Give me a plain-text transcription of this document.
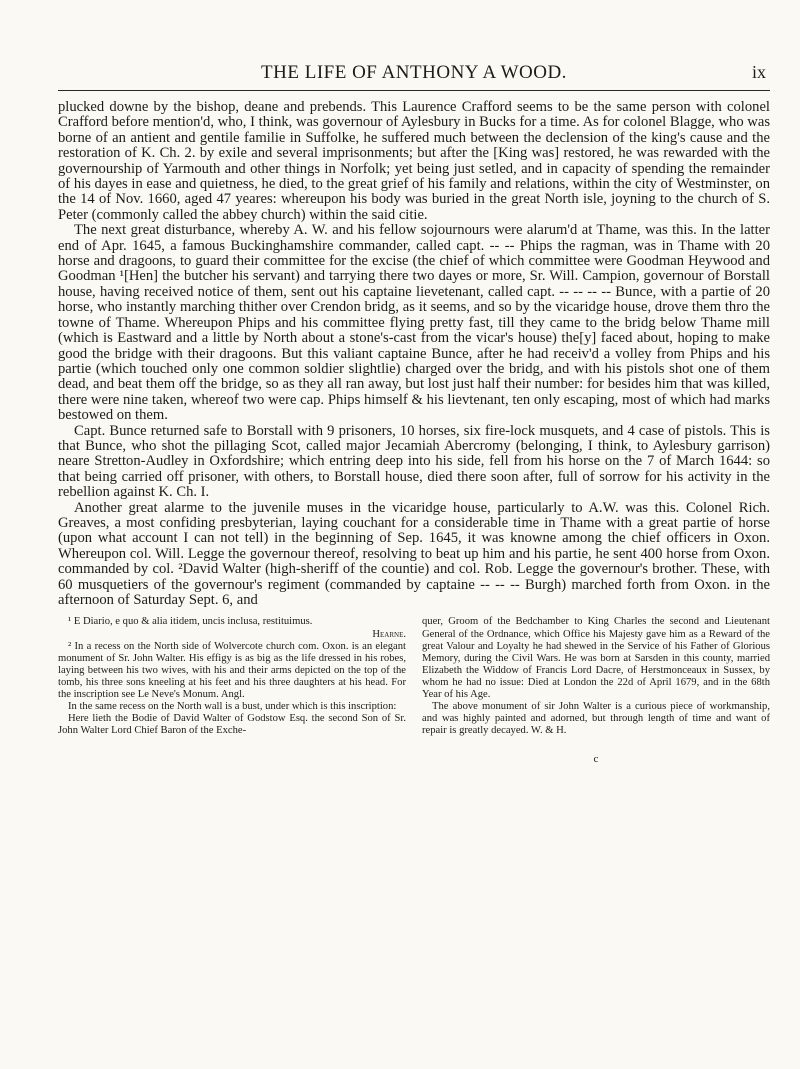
THE LIFE OF ANTHONY A WOOD.	ix

plucked downe by the bishop, deane and prebends. This Laurence Crafford seems to be the same person with colonel Crafford before mention'd, who, I think, was governour of Aylesbury in Bucks for a time. As for colonel Blagge, who was borne of an antient and gentile familie in Suffolke, he suffered much between the declension of the king's cause and the restoration of K. Ch. 2. by exile and several imprisonments; but after the [King was] restored, he was rewarded with the governourship of Yarmouth and other things in Norfolk; yet being just setled, and in capacity of spending the remainder of his dayes in ease and quietness, he died, to the great grief of his family and relations, within the city of Westminster, on the 14 of Nov. 1660, aged 47 yeares: whereupon his body was buried in the great North isle, joyning to the church of S. Peter (commonly called the abbey church) within the said citie.

The next great disturbance, whereby A. W. and his fellow sojournours were alarum'd at Thame, was this. In the latter end of Apr. 1645, a famous Buckinghamshire commander, called capt. -- -- Phips the ragman, was in Thame with 20 horse and dragoons, to guard their committee for the excise (the chief of which committee were Goodman Heywood and Goodman ¹[Hen] the butcher his servant) and tarrying there two dayes or more, Sr. Will. Campion, governour of Borstall house, having received notice of them, sent out his captaine lievetenant, called capt. -- -- -- -- Bunce, with a partie of 20 horse, who instantly marching thither over Crendon bridg, as it seems, and so by the vicaridge house, drove them thro the towne of Thame. Whereupon Phips and his committee flying pretty fast, till they came to the bridg below Thame mill (which is Eastward and a little by North about a stone's-cast from the vicar's house) the[y] faced about, hoping to make good the bridge with their dragoons. But this valiant captaine Bunce, after he had receiv'd a volley from Phips and his partie (which touched only one common soldier slightlie) charged over the bridg, and with his pistols shot one of them dead, and beat them off the bridge, so as they all ran away, but lost just half their number: for besides him that was killed, there were nine taken, whereof two were cap. Phips himself & his lievtenant, ten only escaping, most of which had marks bestowed on them.

Capt. Bunce returned safe to Borstall with 9 prisoners, 10 horses, six fire-lock musquets, and 4 case of pistols. This is that Bunce, who shot the pillaging Scot, called major Jecamiah Abercromy (belonging, I think, to Aylesbury garrison) neare Stretton-Audley in Oxfordshire; which entring deep into his side, fell from his horse on the 7 of March 1644: so that being carried off prisoner, with others, to Borstall house, died there soon after, full of sorrow for his activity in the rebellion against K. Ch. I.

Another great alarme to the juvenile muses in the vicaridge house, particularly to A.W. was this. Colonel Rich. Greaves, a most confiding presbyterian, laying couchant for a considerable time in Thame with a great partie of horse (upon what account I can not tell) in the beginning of Sep. 1645, it was knowne among the chief officers in Oxon. Whereupon col. Will. Legge the governour thereof, resolving to beat up him and his partie, he sent 400 horse from Oxon. commanded by col. ²David Walter (high-sheriff of the countie) and col. Rob. Legge the governour's brother. These, with 60 musquetiers of the governour's regiment (commanded by captaine -- -- -- Burgh) marched forth from Oxon. in the afternoon of Saturday Sept. 6, and

¹ E Diario, e quo & alia itidem, uncis inclusa, restituimus.

Hearne.

² In a recess on the North side of Wolvercote church com. Oxon. is an elegant monument of Sr. John Walter. His effigy is as big as the life dressed in his robes, laying between his two wives, with his and their arms depicted on the top of the tomb, his three sons kneeling at his feet and his three daughters at his head. For the inscription see Le Neve's Monum. Angl.

In the same recess on the North wall is a bust, under which is this inscription:

Here lieth the Bodie of David Walter of Godstow Esq. the second Son of Sr. John Walter Lord Chief Baron of the Exche-

quer, Groom of the Bedchamber to King Charles the second and Lieutenant General of the Ordnance, which Office his Majesty gave him as a Reward of the great Valour and Loyalty he had shewed in the Service of his Father of Glorious Memory, during the Civil Wars. He was born at Sarsden in this county, married Elizabeth the Widdow of Francis Lord Dacre, of Herstmonceaux in Sussex, by whom he had no issue: Died at London the 22d of April 1679, and in the 68th Year of his Age.

The above monument of sir John Walter is a curious piece of workmanship, and was highly painted and adorned, but through length of time and want of repair is greatly decayed. W. & H.

c
